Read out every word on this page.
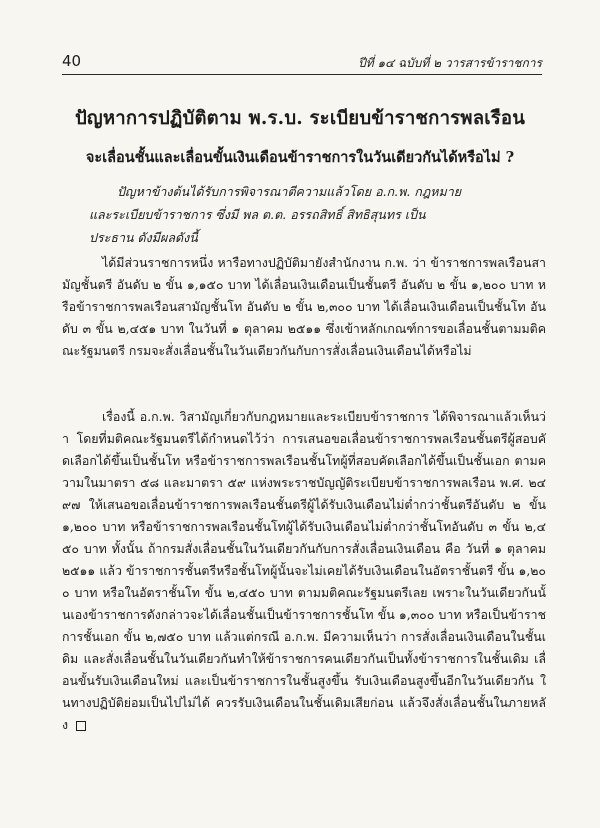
40	ปีที่ ๑๔ ฉบับที่ ๒ วารสารข้าราชการ
ปัญหาการปฏิบัติตาม พ.ร.บ. ระเบียบข้าราชการพลเรือน
จะเลื่อนชั้นและเลื่อนขั้นเงินเดือนข้าราชการในวันเดียวกันได้หรือไม่ ?
ปัญหาข้างต้นได้รับการพิจารณาตีความแล้วโดย อ.ก.พ. กฎหมาย
และระเบียบข้าราชการ ซึ่งมี พล ต.ต. อรรถสิทธิ์ สิทธิสุนทร เป็น
ประธาน ดังมีผลดังนี้
ได้มีส่วนราชการหนึ่ง หารือทางปฏิบัติมายังสำนักงาน ก.พ. ว่า ข้าราชการพลเรือนสามัญชั้นตรี อันดับ ๒ ขั้น ๑,๑๕๐ บาท ได้เลื่อนเงินเดือนเป็นชั้นตรี อันดับ ๒ ขั้น ๑,๒๐๐ บาท หรือข้าราชการพลเรือนสามัญชั้นโท อันดับ ๒ ขั้น ๒,๓๐๐ บาท ได้เลื่อนเงินเดือนเป็นชั้นโท อันดับ ๓ ขั้น ๒,๔๕๑ บาท ในวันที่ ๑ ตุลาคม ๒๕๑๑ ซึ่งเข้าหลักเกณฑ์การขอเลื่อนชั้นตามมติคณะรัฐมนตรี กรมจะสั่งเลื่อนชั้นในวันเดียวกันกับการสั่งเลื่อนเงินเดือนได้หรือไม่
เรื่องนี้ อ.ก.พ. วิสามัญเกี่ยวกับกฎหมายและระเบียบข้าราชการ ได้พิจารณาแล้วเห็นว่า โดยที่มติคณะรัฐมนตรีได้กำหนดไว้ว่า การเสนอขอเลื่อนข้าราชการพลเรือนชั้นตรีผู้สอบคัดเลือกได้ขึ้นเป็นชั้นโท หรือข้าราชการพลเรือนชั้นโทผู้ที่สอบคัดเลือกได้ขึ้นเป็นชั้นเอก ตามความในมาตรา ๕๘ และมาตรา ๕๙ แห่งพระราชบัญญัติระเบียบข้าราชการพลเรือน พ.ศ. ๒๔๙๗ ให้เสนอขอเลื่อนข้าราชการพลเรือนชั้นตรีผู้ได้รับเงินเดือนไม่ต่ำกว่าชั้นตรีอันดับ ๒ ขั้น ๑,๒๐๐ บาท หรือข้าราชการพลเรือนชั้นโทผู้ได้รับเงินเดือนไม่ต่ำกว่าชั้นโทอันดับ ๓ ขั้น ๒,๔๕๐ บาท ทั้งนั้น ถ้ากรมสั่งเลื่อนชั้นในวันเดียวกันกับการสั่งเลื่อนเงินเดือน คือ วันที่ ๑ ตุลาคม ๒๕๑๑ แล้ว ข้าราชการชั้นตรีหรือชั้นโทผู้นั้นจะไม่เคยได้รับเงินเดือนในอัตราชั้นตรี ขั้น ๑,๒๐๐ บาท หรือในอัตราชั้นโท ขั้น ๒,๔๕๐ บาท ตามมติคณะรัฐมนตรีเลย เพราะในวันเดียวกันนั้นเองข้าราชการดังกล่าวจะได้เลื่อนชั้นเป็นข้าราชการชั้นโท ขั้น ๑,๓๐๐ บาท หรือเป็นข้าราชการชั้นเอก ขั้น ๒,๗๕๐ บาท แล้วแต่กรณี อ.ก.พ. มีความเห็นว่า การสั่งเลื่อนเงินเดือนในชั้นเดิม และสั่งเลื่อนชั้นในวันเดียวกันทำให้ข้าราชการคนเดียวกันเป็นทั้งข้าราชการในชั้นเดิม เลื่อนขั้นรับเงินเดือนใหม่ และเป็นข้าราชการในชั้นสูงขึ้น รับเงินเดือนสูงขึ้นอีกในวันเดียวกัน ในทางปฏิบัติย่อมเป็นไปไม่ได้ ควรรับเงินเดือนในชั้นเดิมเสียก่อน แล้วจึงสั่งเลื่อนชั้นในภายหลัง
